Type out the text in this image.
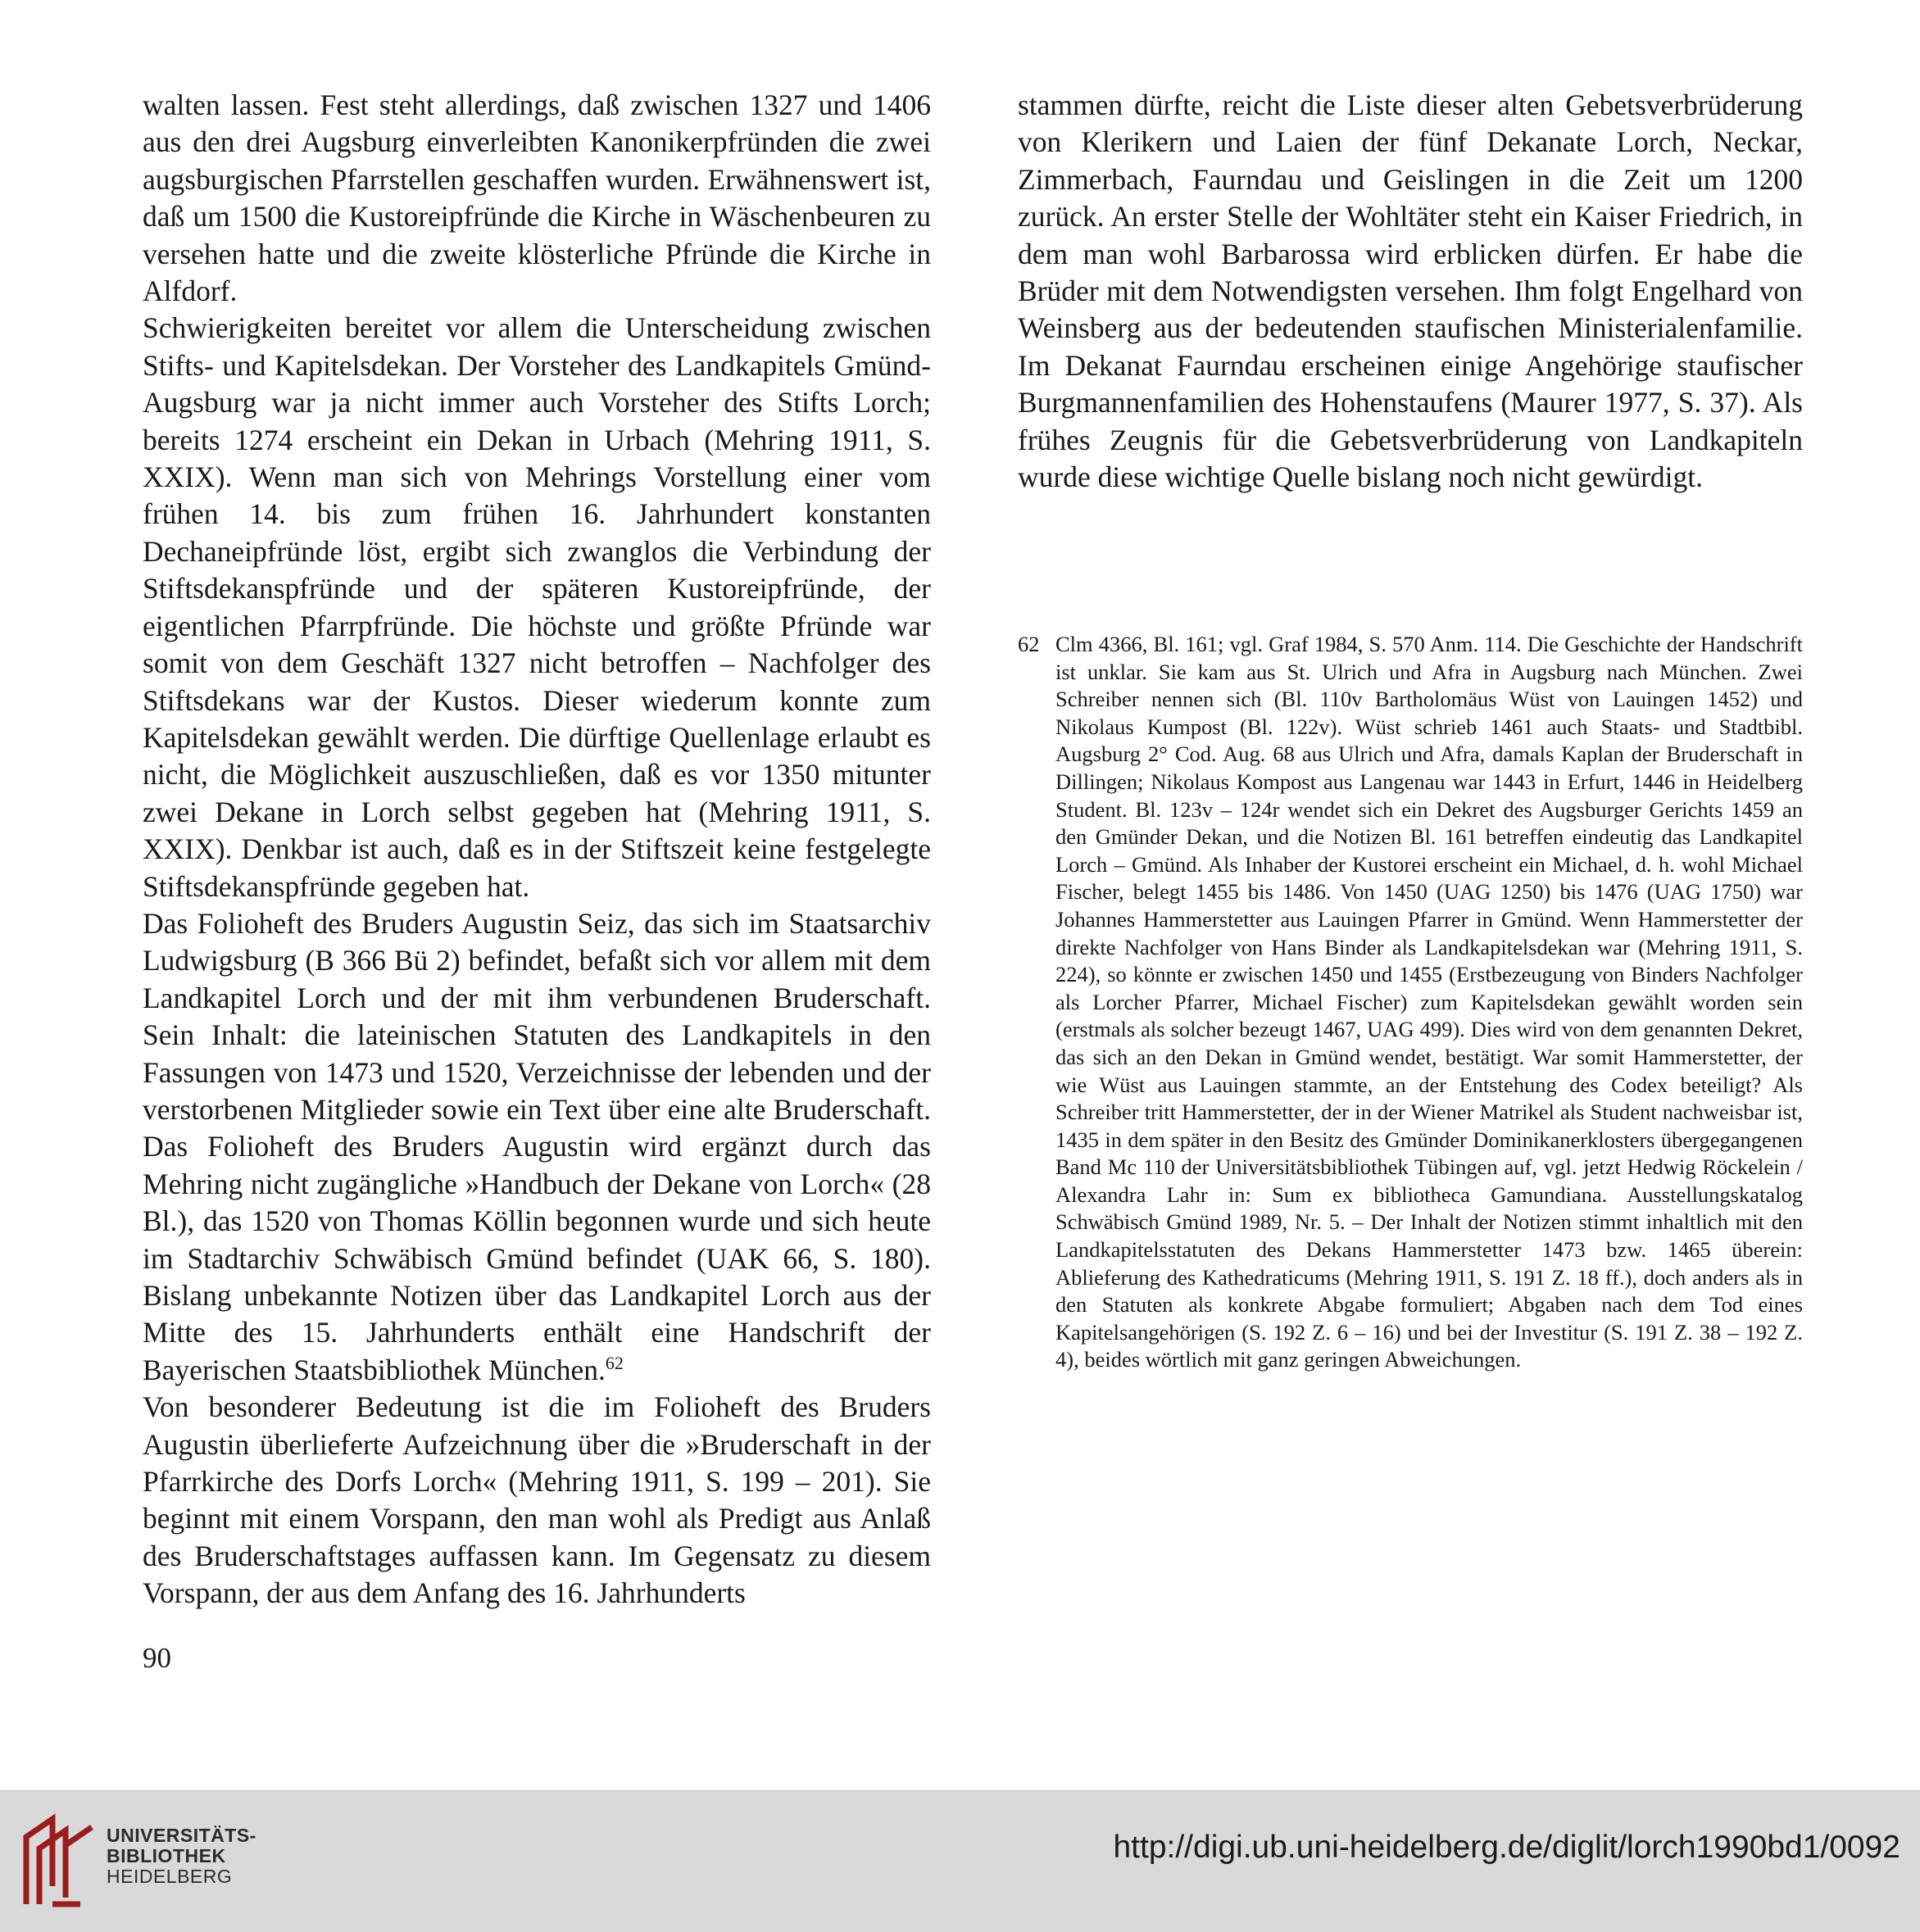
walten lassen. Fest steht allerdings, daß zwischen 1327 und 1406 aus den drei Augsburg einverleibten Kanonikerpfründen die zwei augsburgischen Pfarrstellen geschaffen wurden. Erwähnenswert ist, daß um 1500 die Kustoreipfründe die Kirche in Wäschenbeuren zu versehen hatte und die zweite klösterliche Pfründe die Kirche in Alfdorf.

Schwierigkeiten bereitet vor allem die Unterscheidung zwischen Stifts- und Kapitelsdekan. Der Vorsteher des Landkapitels Gmünd-Augsburg war ja nicht immer auch Vorsteher des Stifts Lorch; bereits 1274 erscheint ein Dekan in Urbach (Mehring 1911, S. XXIX). Wenn man sich von Mehrings Vorstellung einer vom frühen 14. bis zum frühen 16. Jahrhundert konstanten Dechaneipfründe löst, ergibt sich zwanglos die Verbindung der Stiftsdekanspfründe und der späteren Kustoreipfründe, der eigentlichen Pfarrpfründe. Die höchste und größte Pfründe war somit von dem Geschäft 1327 nicht betroffen – Nachfolger des Stiftsdekans war der Kustos. Dieser wiederum konnte zum Kapitelsdekan gewählt werden. Die dürftige Quellenlage erlaubt es nicht, die Möglichkeit auszuschließen, daß es vor 1350 mitunter zwei Dekane in Lorch selbst gegeben hat (Mehring 1911, S. XXIX). Denkbar ist auch, daß es in der Stiftszeit keine festgelegte Stiftsdekanspfründe gegeben hat.

Das Folioheft des Bruders Augustin Seiz, das sich im Staatsarchiv Ludwigsburg (B 366 Bü 2) befindet, befaßt sich vor allem mit dem Landkapitel Lorch und der mit ihm verbundenen Bruderschaft. Sein Inhalt: die lateinischen Statuten des Landkapitels in den Fassungen von 1473 und 1520, Verzeichnisse der lebenden und der verstorbenen Mitglieder sowie ein Text über eine alte Bruderschaft. Das Folioheft des Bruders Augustin wird ergänzt durch das Mehring nicht zugängliche »Handbuch der Dekane von Lorch« (28 Bl.), das 1520 von Thomas Köllin begonnen wurde und sich heute im Stadtarchiv Schwäbisch Gmünd befindet (UAK 66, S. 180). Bislang unbekannte Notizen über das Landkapitel Lorch aus der Mitte des 15. Jahrhunderts enthält eine Handschrift der Bayerischen Staatsbibliothek München.$^{62}$

Von besonderer Bedeutung ist die im Folioheft des Bruders Augustin überlieferte Aufzeichnung über die »Bruderschaft in der Pfarrkirche des Dorfs Lorch« (Mehring 1911, S. 199 – 201). Sie beginnt mit einem Vorspann, den man wohl als Predigt aus Anlaß des Bruderschaftstages auffassen kann. Im Gegensatz zu diesem Vorspann, der aus dem Anfang des 16. Jahrhunderts

stammen dürfte, reicht die Liste dieser alten Gebetsverbrüderung von Klerikern und Laien der fünf Dekanate Lorch, Neckar, Zimmerbach, Faurndau und Geislingen in die Zeit um 1200 zurück. An erster Stelle der Wohltäter steht ein Kaiser Friedrich, in dem man wohl Barbarossa wird erblicken dürfen. Er habe die Brüder mit dem Notwendigsten versehen. Ihm folgt Engelhard von Weinsberg aus der bedeutenden staufischen Ministerialenfamilie. Im Dekanat Faurndau erscheinen einige Angehörige staufischer Burgmannenfamilien des Hohenstaufens (Maurer 1977, S. 37). Als frühes Zeugnis für die Gebetsverbrüderung von Landkapiteln wurde diese wichtige Quelle bislang noch nicht gewürdigt.

62 Clm 4366, Bl. 161; vgl. Graf 1984, S. 570 Anm. 114. Die Geschichte der Handschrift ist unklar. Sie kam aus St. Ulrich und Afra in Augsburg nach München. Zwei Schreiber nennen sich (Bl. 110v Bartholomäus Wüst von Lauingen 1452) und Nikolaus Kumpost (Bl. 122v). Wüst schrieb 1461 auch Staats- und Stadtbibl. Augsburg 2° Cod. Aug. 68 aus Ulrich und Afra, damals Kaplan der Bruderschaft in Dillingen; Nikolaus Kompost aus Langenau war 1443 in Erfurt, 1446 in Heidelberg Student. Bl. 123v – 124r wendet sich ein Dekret des Augsburger Gerichts 1459 an den Gmünder Dekan, und die Notizen Bl. 161 betreffen eindeutig das Landkapitel Lorch – Gmünd. Als Inhaber der Kustorei erscheint ein Michael, d. h. wohl Michael Fischer, belegt 1455 bis 1486. Von 1450 (UAG 1250) bis 1476 (UAG 1750) war Johannes Hammerstetter aus Lauingen Pfarrer in Gmünd. Wenn Hammerstetter der direkte Nachfolger von Hans Binder als Landkapitelsdekan war (Mehring 1911, S. 224), so könnte er zwischen 1450 und 1455 (Erstbezeugung von Binders Nachfolger als Lorcher Pfarrer, Michael Fischer) zum Kapitelsdekan gewählt worden sein (erstmals als solcher bezeugt 1467, UAG 499). Dies wird von dem genannten Dekret, das sich an den Dekan in Gmünd wendet, bestätigt. War somit Hammerstetter, der wie Wüst aus Lauingen stammte, an der Entstehung des Codex beteiligt? Als Schreiber tritt Hammerstetter, der in der Wiener Matrikel als Student nachweisbar ist, 1435 in dem später in den Besitz des Gmünder Dominikanerklosters übergegangenen Band Mc 110 der Universitätsbibliothek Tübingen auf, vgl. jetzt Hedwig Röckelein / Alexandra Lahr in: Sum ex bibliotheca Gamundiana. Ausstellungskatalog Schwäbisch Gmünd 1989, Nr. 5. – Der Inhalt der Notizen stimmt inhaltlich mit den Landkapitelsstatuten des Dekans Hammerstetter 1473 bzw. 1465 überein: Ablieferung des Kathedraticums (Mehring 1911, S. 191 Z. 18 ff.), doch anders als in den Statuten als konkrete Abgabe formuliert; Abgaben nach dem Tod eines Kapitelsangehörigen (S. 192 Z. 6 – 16) und bei der Investitur (S. 191 Z. 38 – 192 Z. 4), beides wörtlich mit ganz geringen Abweichungen.
90
UNIVERSITÄTS-
BIBLIOTHEK
HEIDELBERG
http://digi.ub.uni-heidelberg.de/diglit/lorch1990bd1/0092
